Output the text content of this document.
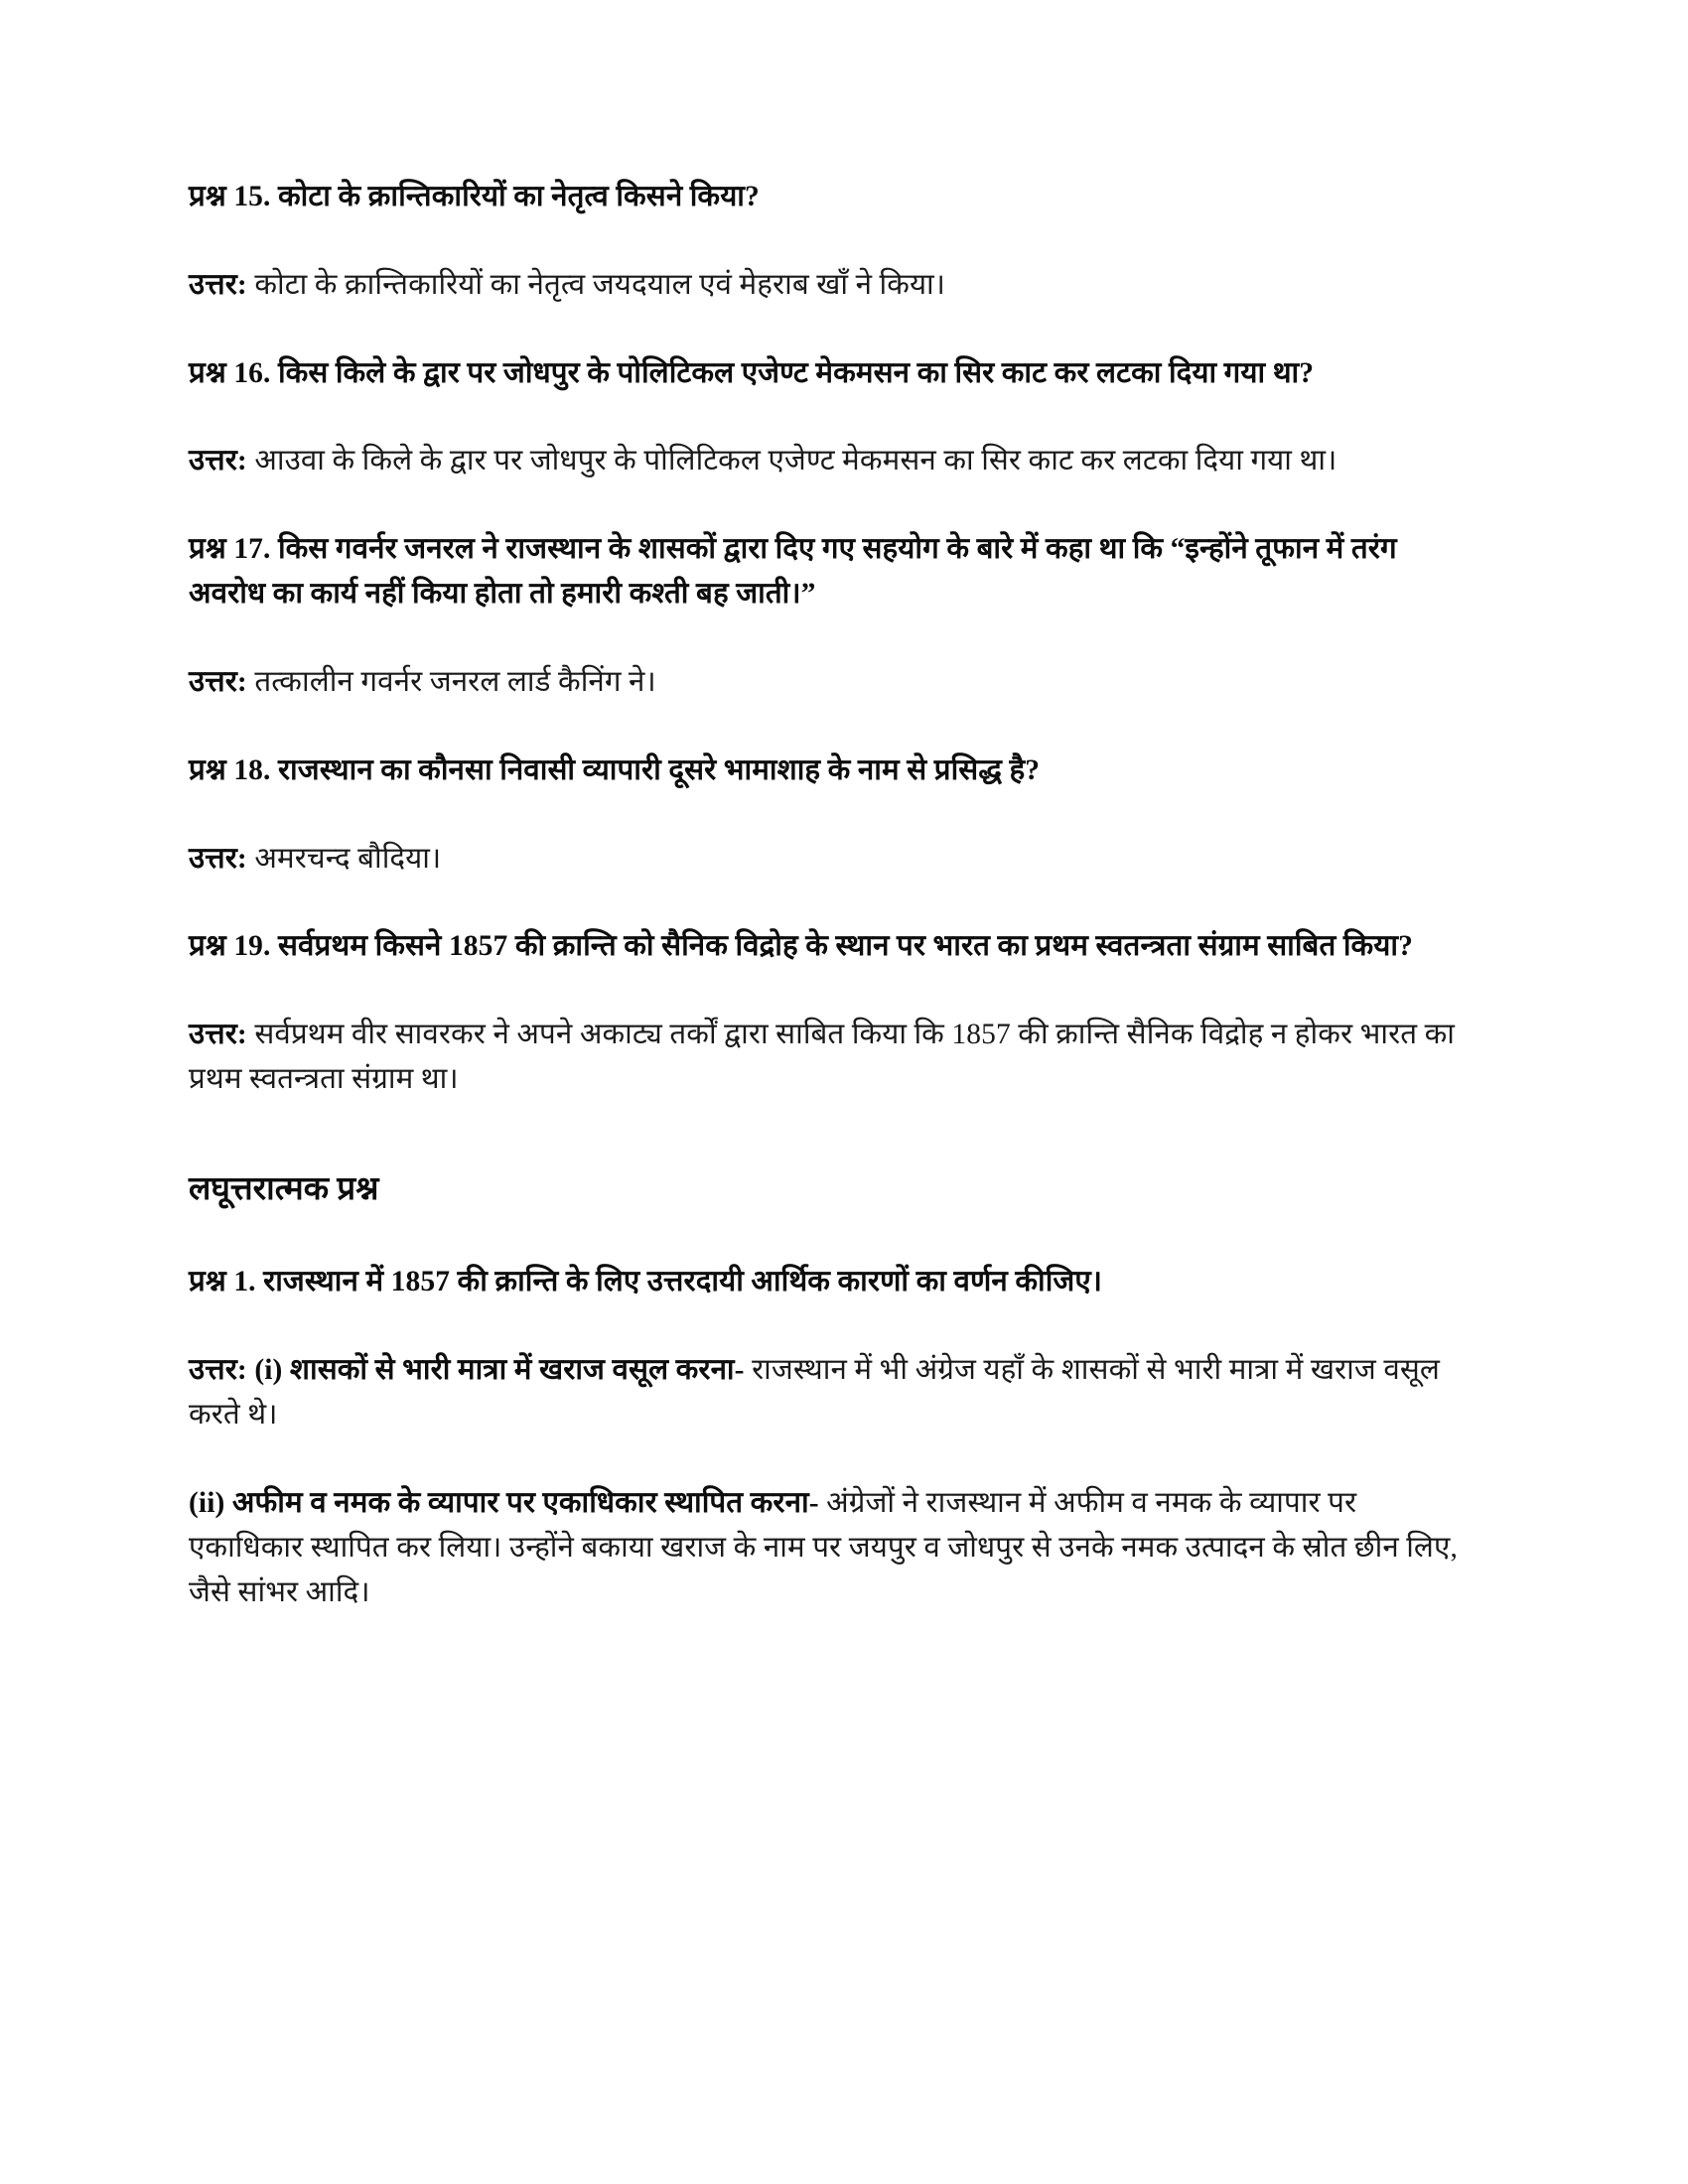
प्रश्न 15. कोटा के क्रान्तिकारियों का नेतृत्व किसने किया?

उत्तर: कोटा के क्रान्तिकारियों का नेतृत्व जयदयाल एवं मेहराब खाँ ने किया।

प्रश्न 16. किस किले के द्वार पर जोधपुर के पोलिटिकल एजेण्ट मेकमसन का सिर काट कर लटका दिया गया था?

उत्तर: आउवा के किले के द्वार पर जोधपुर के पोलिटिकल एजेण्ट मेकमसन का सिर काट कर लटका दिया गया था।

प्रश्न 17. किस गवर्नर जनरल ने राजस्थान के शासकों द्वारा दिए गए सहयोग के बारे में कहा था कि “इन्होंने तूफान में तरंग अवरोध का कार्य नहीं किया होता तो हमारी कश्ती बह जाती।”

उत्तर: तत्कालीन गवर्नर जनरल लार्ड कैनिंग ने।

प्रश्न 18. राजस्थान का कौनसा निवासी व्यापारी दूसरे भामाशाह के नाम से प्रसिद्ध है?

उत्तर: अमरचन्द बौदिया।

प्रश्न 19. सर्वप्रथम किसने 1857 की क्रान्ति को सैनिक विद्रोह के स्थान पर भारत का प्रथम स्वतन्त्रता संग्राम साबित किया?

उत्तर: सर्वप्रथम वीर सावरकर ने अपने अकाट्य तर्कों द्वारा साबित किया कि 1857 की क्रान्ति सैनिक विद्रोह न होकर भारत का प्रथम स्वतन्त्रता संग्राम था।

लघूत्तरात्मक प्रश्न

प्रश्न 1. राजस्थान में 1857 की क्रान्ति के लिए उत्तरदायी आर्थिक कारणों का वर्णन कीजिए।

उत्तर: (i) शासकों से भारी मात्रा में खराज वसूल करना- राजस्थान में भी अंग्रेज यहाँ के शासकों से भारी मात्रा में खराज वसूल करते थे।

(ii) अफीम व नमक के व्यापार पर एकाधिकार स्थापित करना- अंग्रेजों ने राजस्थान में अफीम व नमक के व्यापार पर एकाधिकार स्थापित कर लिया। उन्होंने बकाया खराज के नाम पर जयपुर व जोधपुर से उनके नमक उत्पादन के स्रोत छीन लिए, जैसे सांभर आदि।
